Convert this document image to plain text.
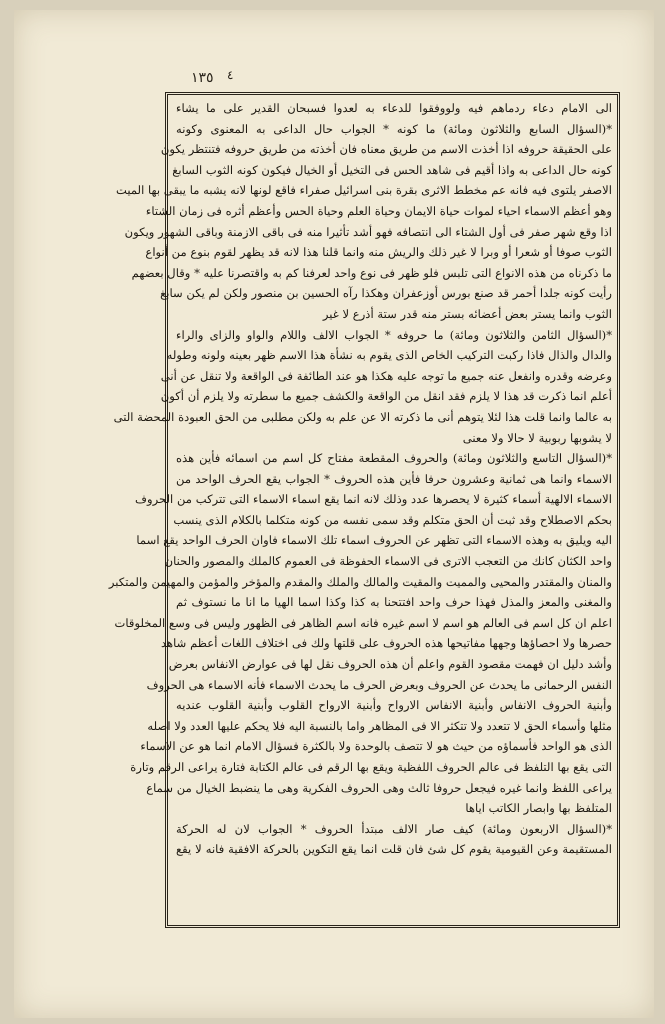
١٣٥ ٤
الى الامام دعاء ردماهم فيه ولووفقوا للدعاء به لعدوا فسبحان القدير على ما يشاء
*(السؤال السابع والثلاثون ومائة) ما كونه * الجواب حال الداعى به المعنوى وكونه
على الحقيقة حروفه اذا أخذت الاسم من طريق معناه فان أخذته من طريق حروفه فتنتظر يكون
كونه حال الداعى به واذا أقيم فى شاهد الحس فى التخيل أو الخيال فيكون كونه الثوب السابغ
الاصفر يلتوى فيه فانه عم مخطط الاثرى بقرة بنى اسرائيل صفراء فاقع لونها لانه يشبه ما يبقى بها الميت
وهو أعظم الاسماء احياء لموات حياة الايمان وحياة العلم وحياة الحس وأعظم أثره فى زمان الشتاء
اذا وقع شهر صفر فى أول الشتاء الى انتصافه فهو أشد تأثيرا منه فى باقى الازمنة وباقى الشهور ويكون
الثوب صوفا أو شعرا أو وبرا لا غير ذلك والريش منه وانما قلنا هذا لانه قد يظهر لقوم بنوع من أنواع
ما ذكرناه من هذه الانواع التى تلبس فلو ظهر فى نوع واحد لعرفنا كم به واقتصرنا عليه * وقال بعضهم
رأيت كونه جلدا أحمر قد صنع بورس أوزعفران وهكذا رآه الحسين بن منصور ولكن لم يكن سابغ
الثوب وانما يستر بعض أعضائه بستر منه قدر ستة أذرع لا غير
*(السؤال الثامن والثلاثون ومائة) ما حروفه * الجواب الالف واللام والواو والزاى والراء
والدال والذال فاذا ركبت التركيب الخاص الذى يقوم به نشأة هذا الاسم ظهر بعينه ولونه وطوله
وعرضه وقدره وانفعل عنه جميع ما توجه عليه هكذا هو عند الطائفة فى الواقعة ولا تنقل عن أنى
أعلم انما ذكرت قد هذا لا يلزم فقد انقل من الواقعة والكشف جميع ما سطرته ولا يلزم أن أكون
به عالما وانما قلت هذا لئلا يتوهم أنى ما ذكرته الا عن علم به ولكن مطلبى من الحق العبودة المحضة التى
لا يشوبها ربوبية لا حالا ولا معنى
*(السؤال التاسع والثلاثون ومائة) والحروف المقطعة مفتاح كل اسم من اسمائه فأين هذه
الاسماء وانما هى ثمانية وعشرون حرفا فأين هذه الحروف * الجواب يقع الحرف الواحد من
الاسماء الالهية أسماء كثيرة لا يحصرها عدد وذلك لانه انما يقع اسماء الاسماء التى تتركب من الحروف
بحكم الاصطلاح وقد ثبت أن الحق متكلم وقد سمى نفسه من كونه متكلما بالكلام الذى ينسب
اليه ويليق به وهذه الاسماء التى تظهر عن الحروف اسماء تلك الاسماء فاوان الحرف الواحد يقع اسما
واحد الكثان كانك من التعجب الاترى فى الاسماء الحفوظة فى العموم كالملك والمصور والحنان
والمنان والمقتدر والمحيى والمميت والمقيت والمالك والملك والمقدم والمؤخر والمؤمن والمهيمن والمتكبر
والمغنى والمعز والمذل فهذا حرف واحد افتتحنا به كذا وكذا اسما الهيا ما انا ما نستوف ثم
اعلم ان كل اسم فى العالم هو اسم لا اسم غيره فانه اسم الظاهر فى الظهور وليس فى وسع المخلوقات
حصرها ولا احصاؤها وجهها مفاتيحها هذه الحروف على قلتها ولك فى اختلاف اللغات أعظم شاهد
وأشد دليل ان فهمت مقصود القوم واعلم أن هذه الحروف نقل لها فى عوارض الانفاس بعرض
النفس الرحمانى ما يحدث عن الحروف وبعرض الحرف ما يحدث الاسماء فأنه الاسماء هى الحروف
وأبنية الحروف الانفاس وأبنية الانفاس الارواح وأبنية الارواح القلوب وأبنية القلوب عنديه
مثلها وأسماء الحق لا تتعدد ولا تتكثر الا فى المظاهر واما بالنسبة اليه فلا يحكم عليها العدد ولا اصله
الذى هو الواحد فأسماؤه من حيث هو لا تتصف بالوحدة ولا بالكثرة فسؤال الامام انما هو عن الاسماء
التى يقع بها التلفظ فى عالم الحروف اللفظية ويقع بها الرقم فى عالم الكتابة فتارة يراعى الرقم وتارة
يراعى اللفظ وانما غيره فيجعل حروفا ثالث وهى الحروف الفكرية وهى ما ينضبط الخيال من سماع
المتلفظ بها وابصار الكاتب اياها
*(السؤال الاربعون ومائة) كيف صار الالف مبتدأ الحروف * الجواب لان له الحركة
المستقيمة وعن القيومية يقوم كل شئ فان قلت انما يقع التكوين بالحركة الافقية فانه لا يقع
